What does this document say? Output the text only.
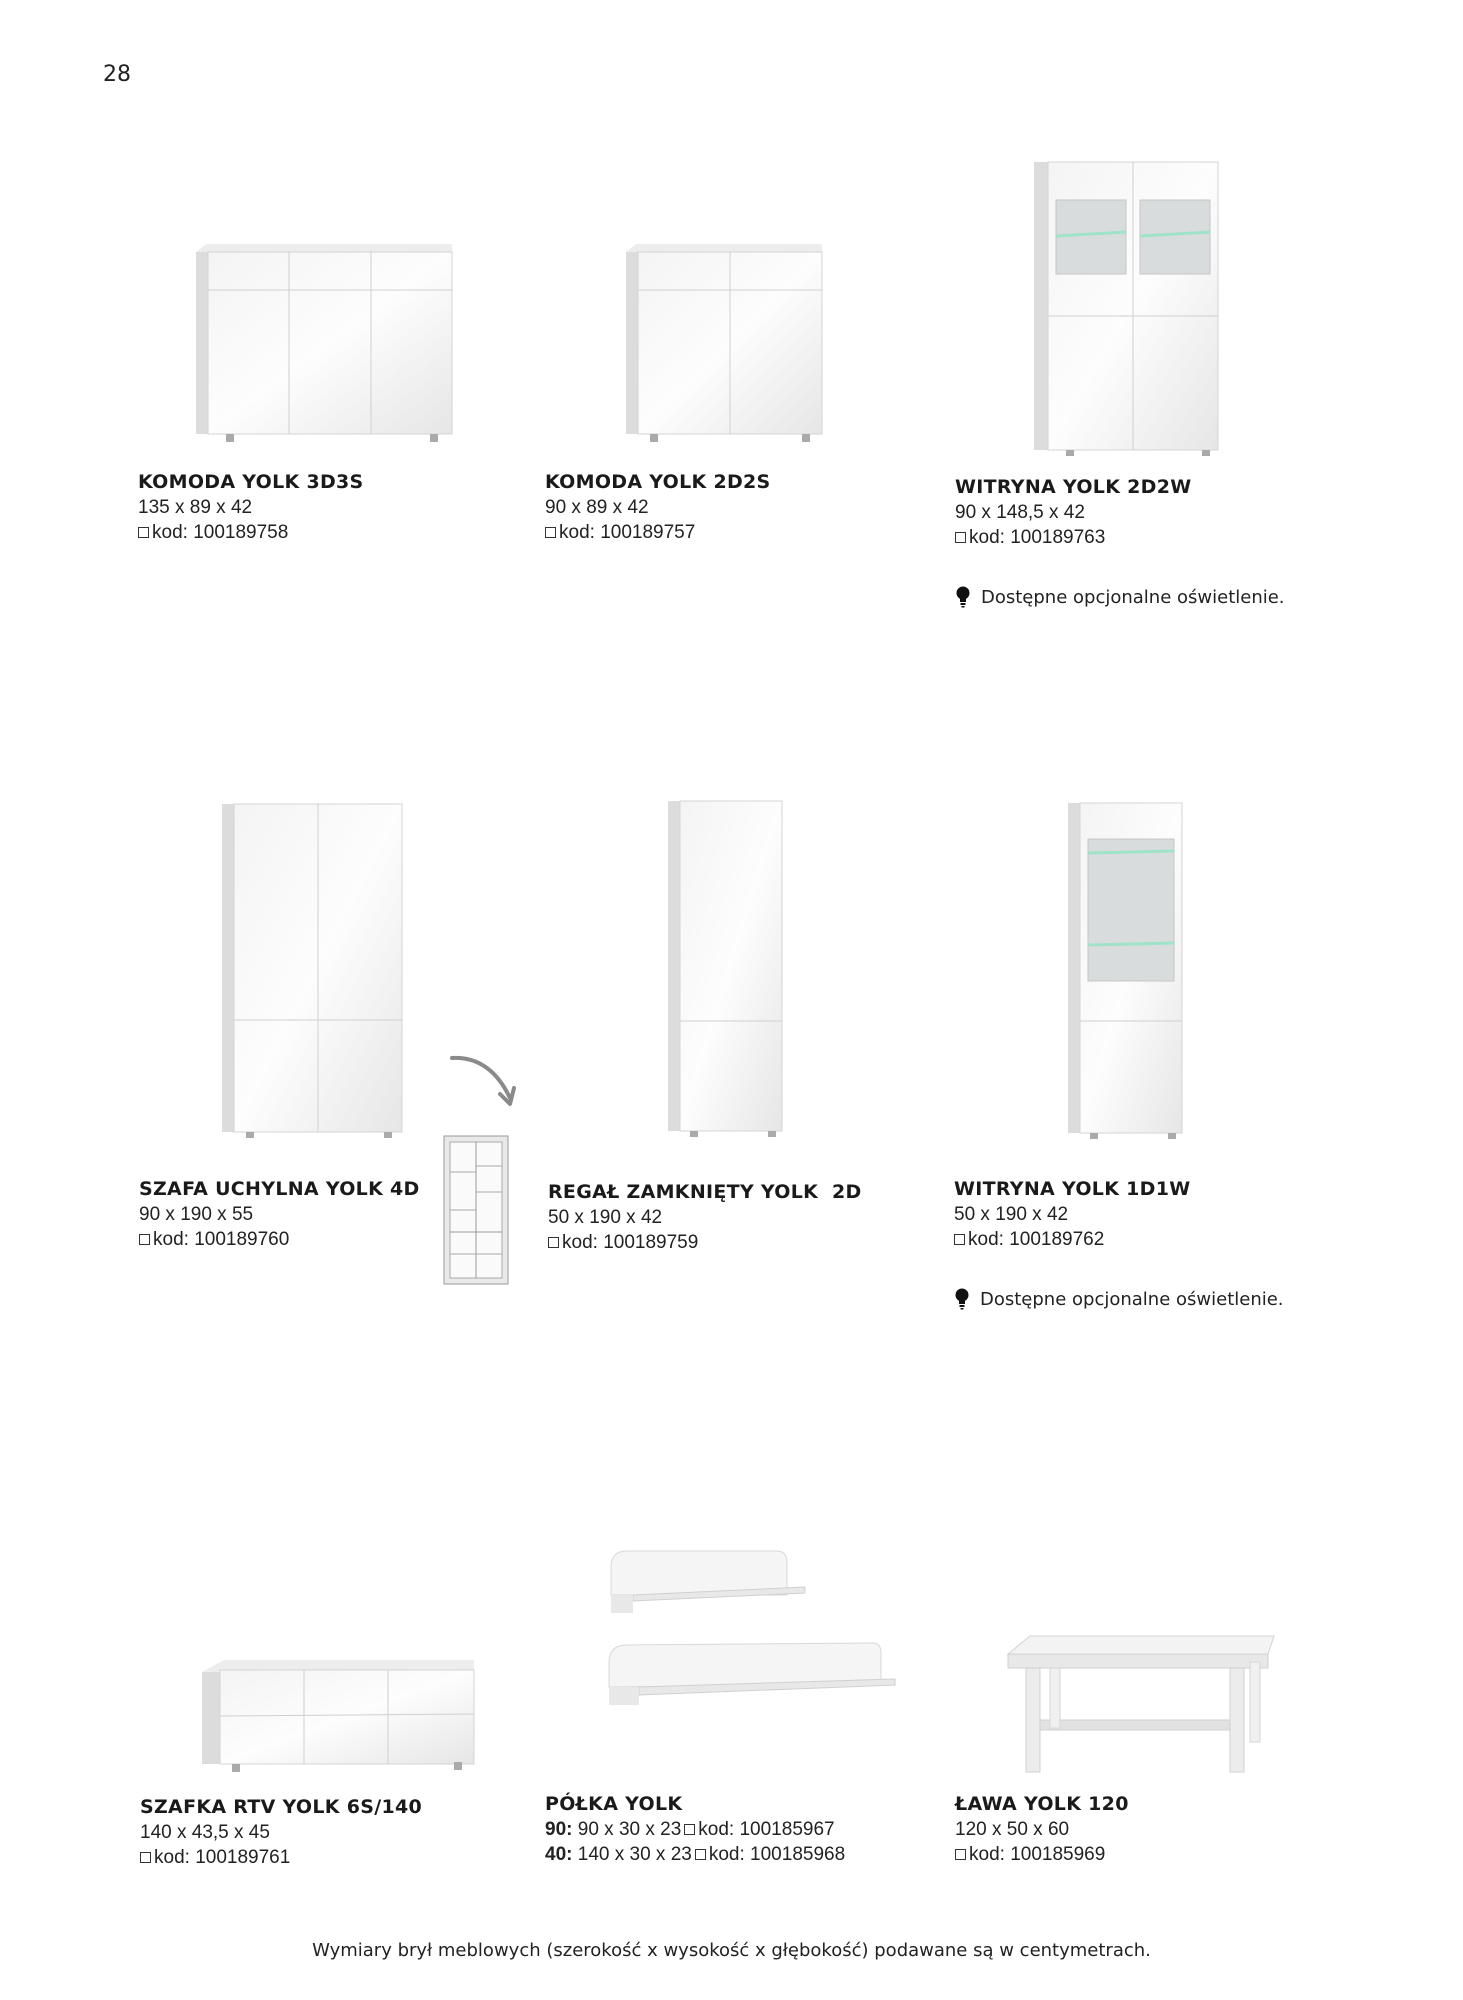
28
KOMODA YOLK 3D3S
135 x 89 x 42
kod:
100189758
KOMODA YOLK 2D2S
90 x 89 x 42
kod:
100189757
WITRYNA YOLK 2D2W
90 x 148,5 x 42
kod:
100189763
Dostępne opcjonalne oświetlenie.
SZAFA UCHYLNA YOLK 4D
90 x 190 x 55
kod:
100189760
REGAŁ ZAMKNIĘTY YOLK  2D
50 x 190 x 42
kod:
100189759
WITRYNA YOLK 1D1W
50 x 190 x 42
kod:
100189762
Dostępne opcjonalne oświetlenie.
SZAFKA RTV YOLK 6S/140
140 x 43,5 x 45
kod:
100189761
PÓŁKA YOLK
90:
90 x 30 x 23 kod:
100185967
40:
140 x 30 x 23 kod:
100185968
ŁAWA YOLK 120
120 x 50 x 60
kod:
100185969
Wymiary brył meblowych (szerokość x wysokość x głębokość) podawane są w centymetrach.
